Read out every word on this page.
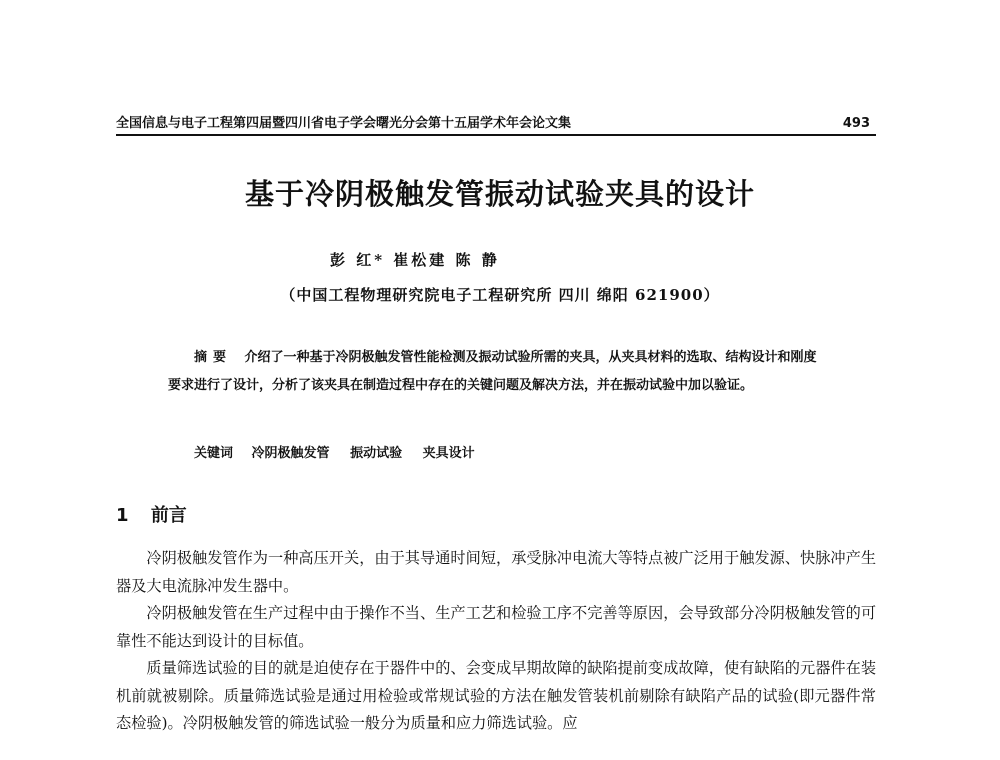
全国信息与电子工程第四届暨四川省电子学会曙光分会第十五届学术年会论文集	493
基于冷阴极触发管振动试验夹具的设计
彭 红* 崔松建 陈 静
（中国工程物理研究院电子工程研究所 四川 绵阳 621900）
摘要 介绍了一种基于冷阴极触发管性能检测及振动试验所需的夹具，从夹具材料的选取、结构设计和刚度要求进行了设计，分析了该夹具在制造过程中存在的关键问题及解决方法，并在振动试验中加以验证。
关键词 冷阴极触发管 振动试验 夹具设计
1 前言

冷阴极触发管作为一种高压开关，由于其导通时间短，承受脉冲电流大等特点被广泛用于触发源、快脉冲产生器及大电流脉冲发生器中。

冷阴极触发管在生产过程中由于操作不当、生产工艺和检验工序不完善等原因，会导致部分冷阴极触发管的可靠性不能达到设计的目标值。

质量筛选试验的目的就是迫使存在于器件中的、会变成早期故障的缺陷提前变成故障，使有缺陷的元器件在装机前就被剔除。质量筛选试验是通过用检验或常规试验的方法在触发管装机前剔除有缺陷产品的试验(即元器件常态检验)。冷阴极触发管的筛选试验一般分为质量和应力筛选试验。应
